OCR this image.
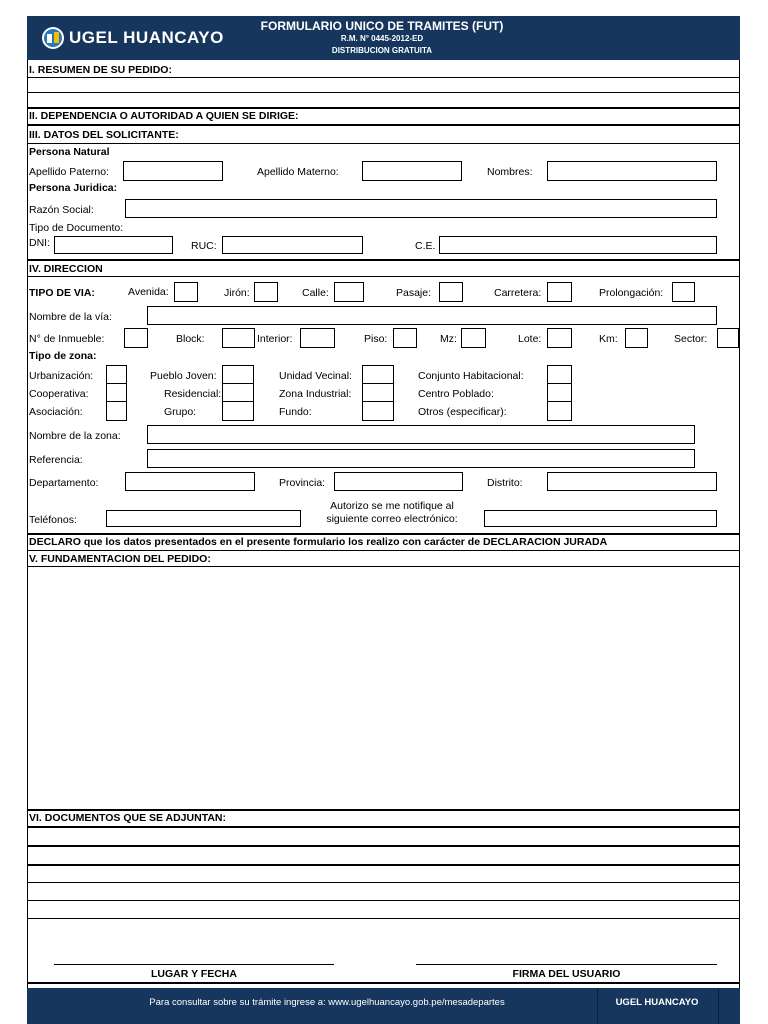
UGEL HUANCAYO
FORMULARIO UNICO DE TRAMITES (FUT)
R.M. N° 0445-2012-ED
DISTRIBUCION GRATUITA
I. RESUMEN DE SU PEDIDO:
II. DEPENDENCIA O AUTORIDAD A QUIEN SE DIRIGE:
III. DATOS DEL SOLICITANTE:
Persona Natural
Apellido Paterno:	Apellido Materno:	Nombres:
Persona Juridica:
Razón Social:
Tipo de Documento:
DNI:	RUC:	C.E.
IV. DIRECCION
TIPO DE VIA:	Avenida:	Jirón:	Calle:	Pasaje:	Carretera:	Prolongación:
Nombre de la vía:
N° de Inmueble:	Block:	Interior:	Piso:	Mz:	Lote:	Km:	Sector:
Tipo de zona:
Urbanización:	Pueblo Joven:	Unidad Vecinal:	Conjunto Habitacional:
Cooperativa:	Residencial:	Zona Industrial:	Centro Poblado:
Asociación:	Grupo:	Fundo:	Otros (especificar):
Nombre de la zona:
Referencia:
Departamento:	Provincia:	Distrito:
Teléfonos:
Autorizo se me notifique al
siguiente correo electrónico:
DECLARO que los datos presentados en el presente formulario los realizo con carácter de DECLARACION JURADA
V. FUNDAMENTACION DEL PEDIDO:
VI. DOCUMENTOS QUE SE ADJUNTAN:
LUGAR Y FECHA	FIRMA DEL USUARIO
Para consultar sobre su trámite ingrese a: www.ugelhuancayo.gob.pe/mesadepartes	UGEL HUANCAYO
